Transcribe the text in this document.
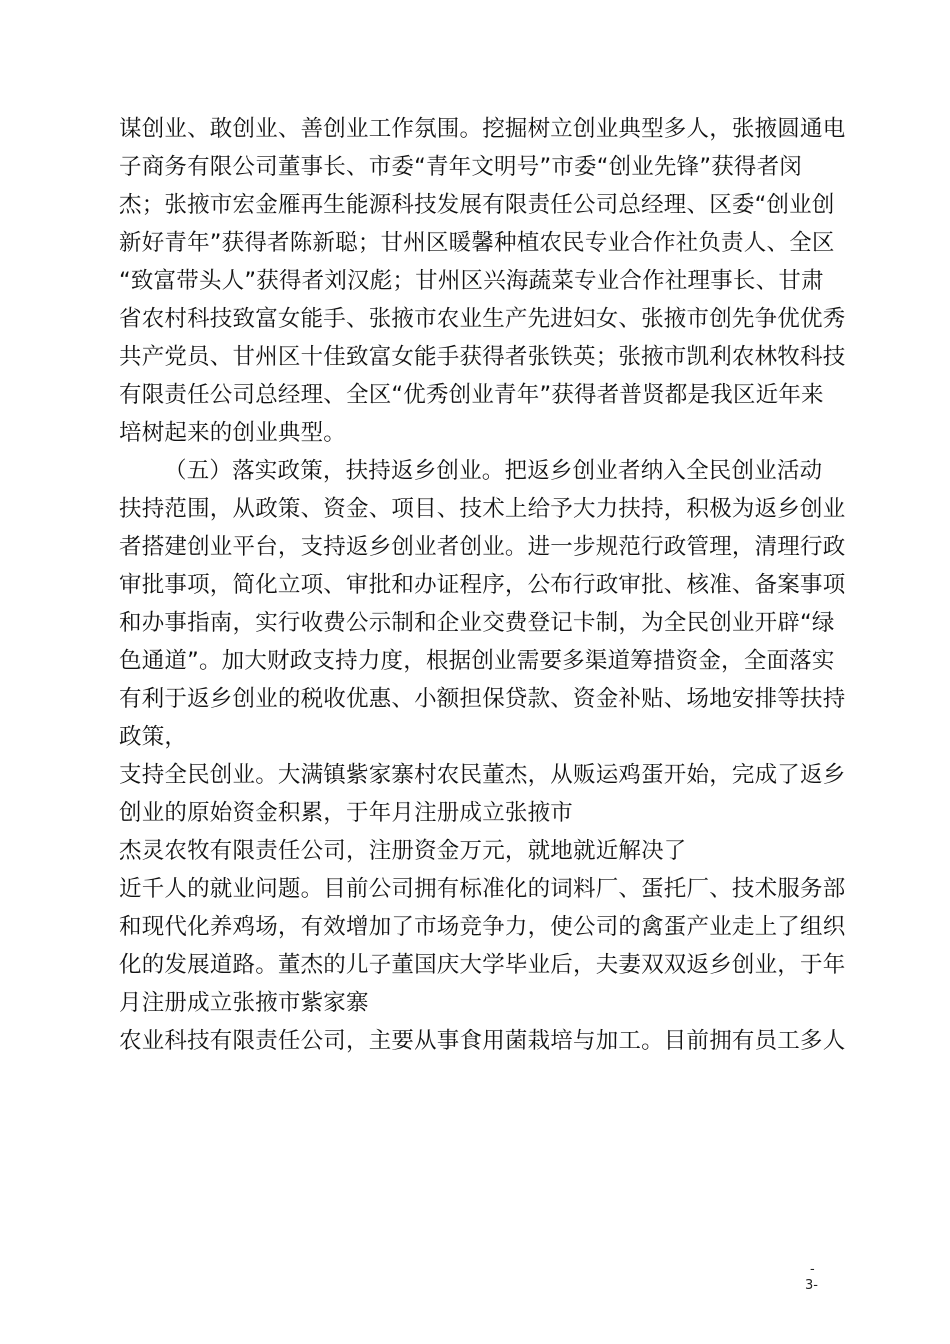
谋创业、敢创业、善创业工作氛围。挖掘树立创业典型多人，张掖圆通电
子商务有限公司董事长、市委“青年文明号”市委“创业先锋”获得者闵
杰；张掖市宏金雁再生能源科技发展有限责任公司总经理、区委“创业创
新好青年”获得者陈新聪；甘州区暖馨种植农民专业合作社负责人、全区
“致富带头人”获得者刘汉彪；甘州区兴海蔬菜专业合作社理事长、甘肃
省农村科技致富女能手、张掖市农业生产先进妇女、张掖市创先争优优秀
共产党员、甘州区十佳致富女能手获得者张铁英；张掖市凯利农林牧科技
有限责任公司总经理、全区“优秀创业青年”获得者普贤都是我区近年来
培树起来的创业典型。
（五）落实政策，扶持返乡创业。把返乡创业者纳入全民创业活动
扶持范围，从政策、资金、项目、技术上给予大力扶持，积极为返乡创业
者搭建创业平台，支持返乡创业者创业。进一步规范行政管理，清理行政
审批事项，简化立项、审批和办证程序，公布行政审批、核准、备案事项
和办事指南，实行收费公示制和企业交费登记卡制，为全民创业开辟“绿
色通道”。加大财政支持力度，根据创业需要多渠道筹措资金，全面落实
有利于返乡创业的税收优惠、小额担保贷款、资金补贴、场地安排等扶持
政策，
支持全民创业。大满镇紫家寨村农民董杰，从贩运鸡蛋开始，完成了返乡
创业的原始资金积累，于年月注册成立张掖市
杰灵农牧有限责任公司，注册资金万元，就地就近解决了
近千人的就业问题。目前公司拥有标准化的词料厂、蛋托厂、技术服务部
和现代化养鸡场，有效增加了市场竞争力，使公司的禽蛋产业走上了组织
化的发展道路。董杰的儿子董国庆大学毕业后，夫妻双双返乡创业，于年
月注册成立张掖市紫家寨
农业科技有限责任公司，主要从事食用菌栽培与加工。目前拥有员工多人
-
3-
